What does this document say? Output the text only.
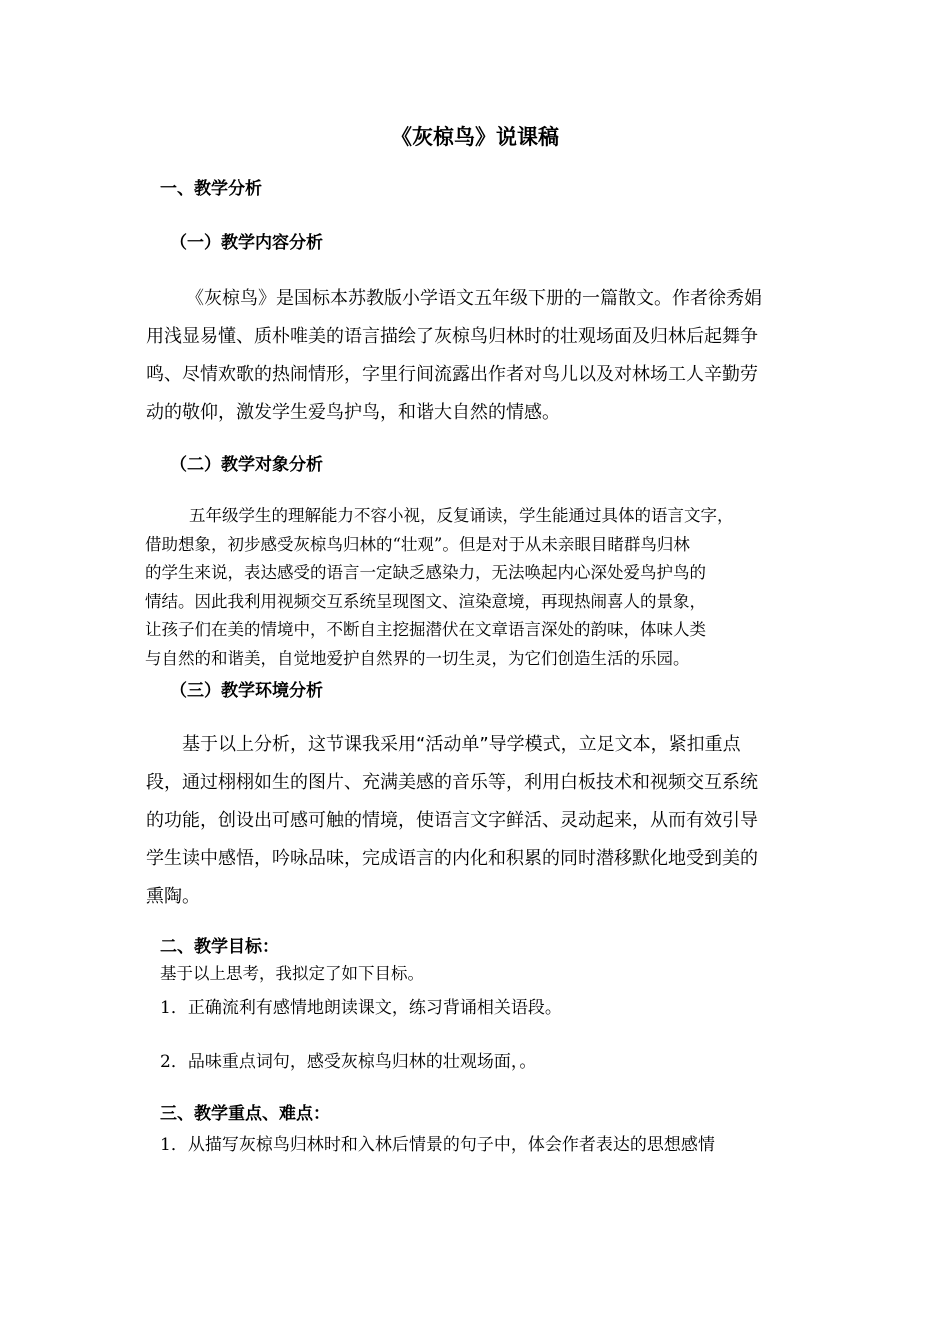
《灰椋鸟》说课稿
一、教学分析
（一）教学内容分析
《灰椋鸟》是国标本苏教版小学语文五年级下册的一篇散文。作者徐秀娟
用浅显易懂、质朴唯美的语言描绘了灰椋鸟归林时的壮观场面及归林后起舞争
鸣、尽情欢歌的热闹情形，字里行间流露出作者对鸟儿以及对林场工人辛勤劳
动的敬仰，激发学生爱鸟护鸟，和谐大自然的情感。
（二）教学对象分析
五年级学生的理解能力不容小视，反复诵读，学生能通过具体的语言文字，
借助想象，初步感受灰椋鸟归林的“壮观”。但是对于从未亲眼目睹群鸟归林
的学生来说，表达感受的语言一定缺乏感染力，无法唤起内心深处爱鸟护鸟的
情结。因此我利用视频交互系统呈现图文、渲染意境，再现热闹喜人的景象，
让孩子们在美的情境中，不断自主挖掘潜伏在文章语言深处的韵味，体味人类
与自然的和谐美，自觉地爱护自然界的一切生灵，为它们创造生活的乐园。
（三）教学环境分析
基于以上分析，这节课我采用“活动单”导学模式，立足文本，紧扣重点
段，通过栩栩如生的图片、充满美感的音乐等，利用白板技术和视频交互系统
的功能，创设出可感可触的情境，使语言文字鲜活、灵动起来，从而有效引导
学生读中感悟，吟咏品味，完成语言的内化和积累的同时潜移默化地受到美的
熏陶。
二、教学目标：
基于以上思考，我拟定了如下目标。
1．正确流利有感情地朗读课文，练习背诵相关语段。
2．品味重点词句，感受灰椋鸟归林的壮观场面，。
三、教学重点、难点：
1．从描写灰椋鸟归林时和入林后情景的句子中，体会作者表达的思想感情
